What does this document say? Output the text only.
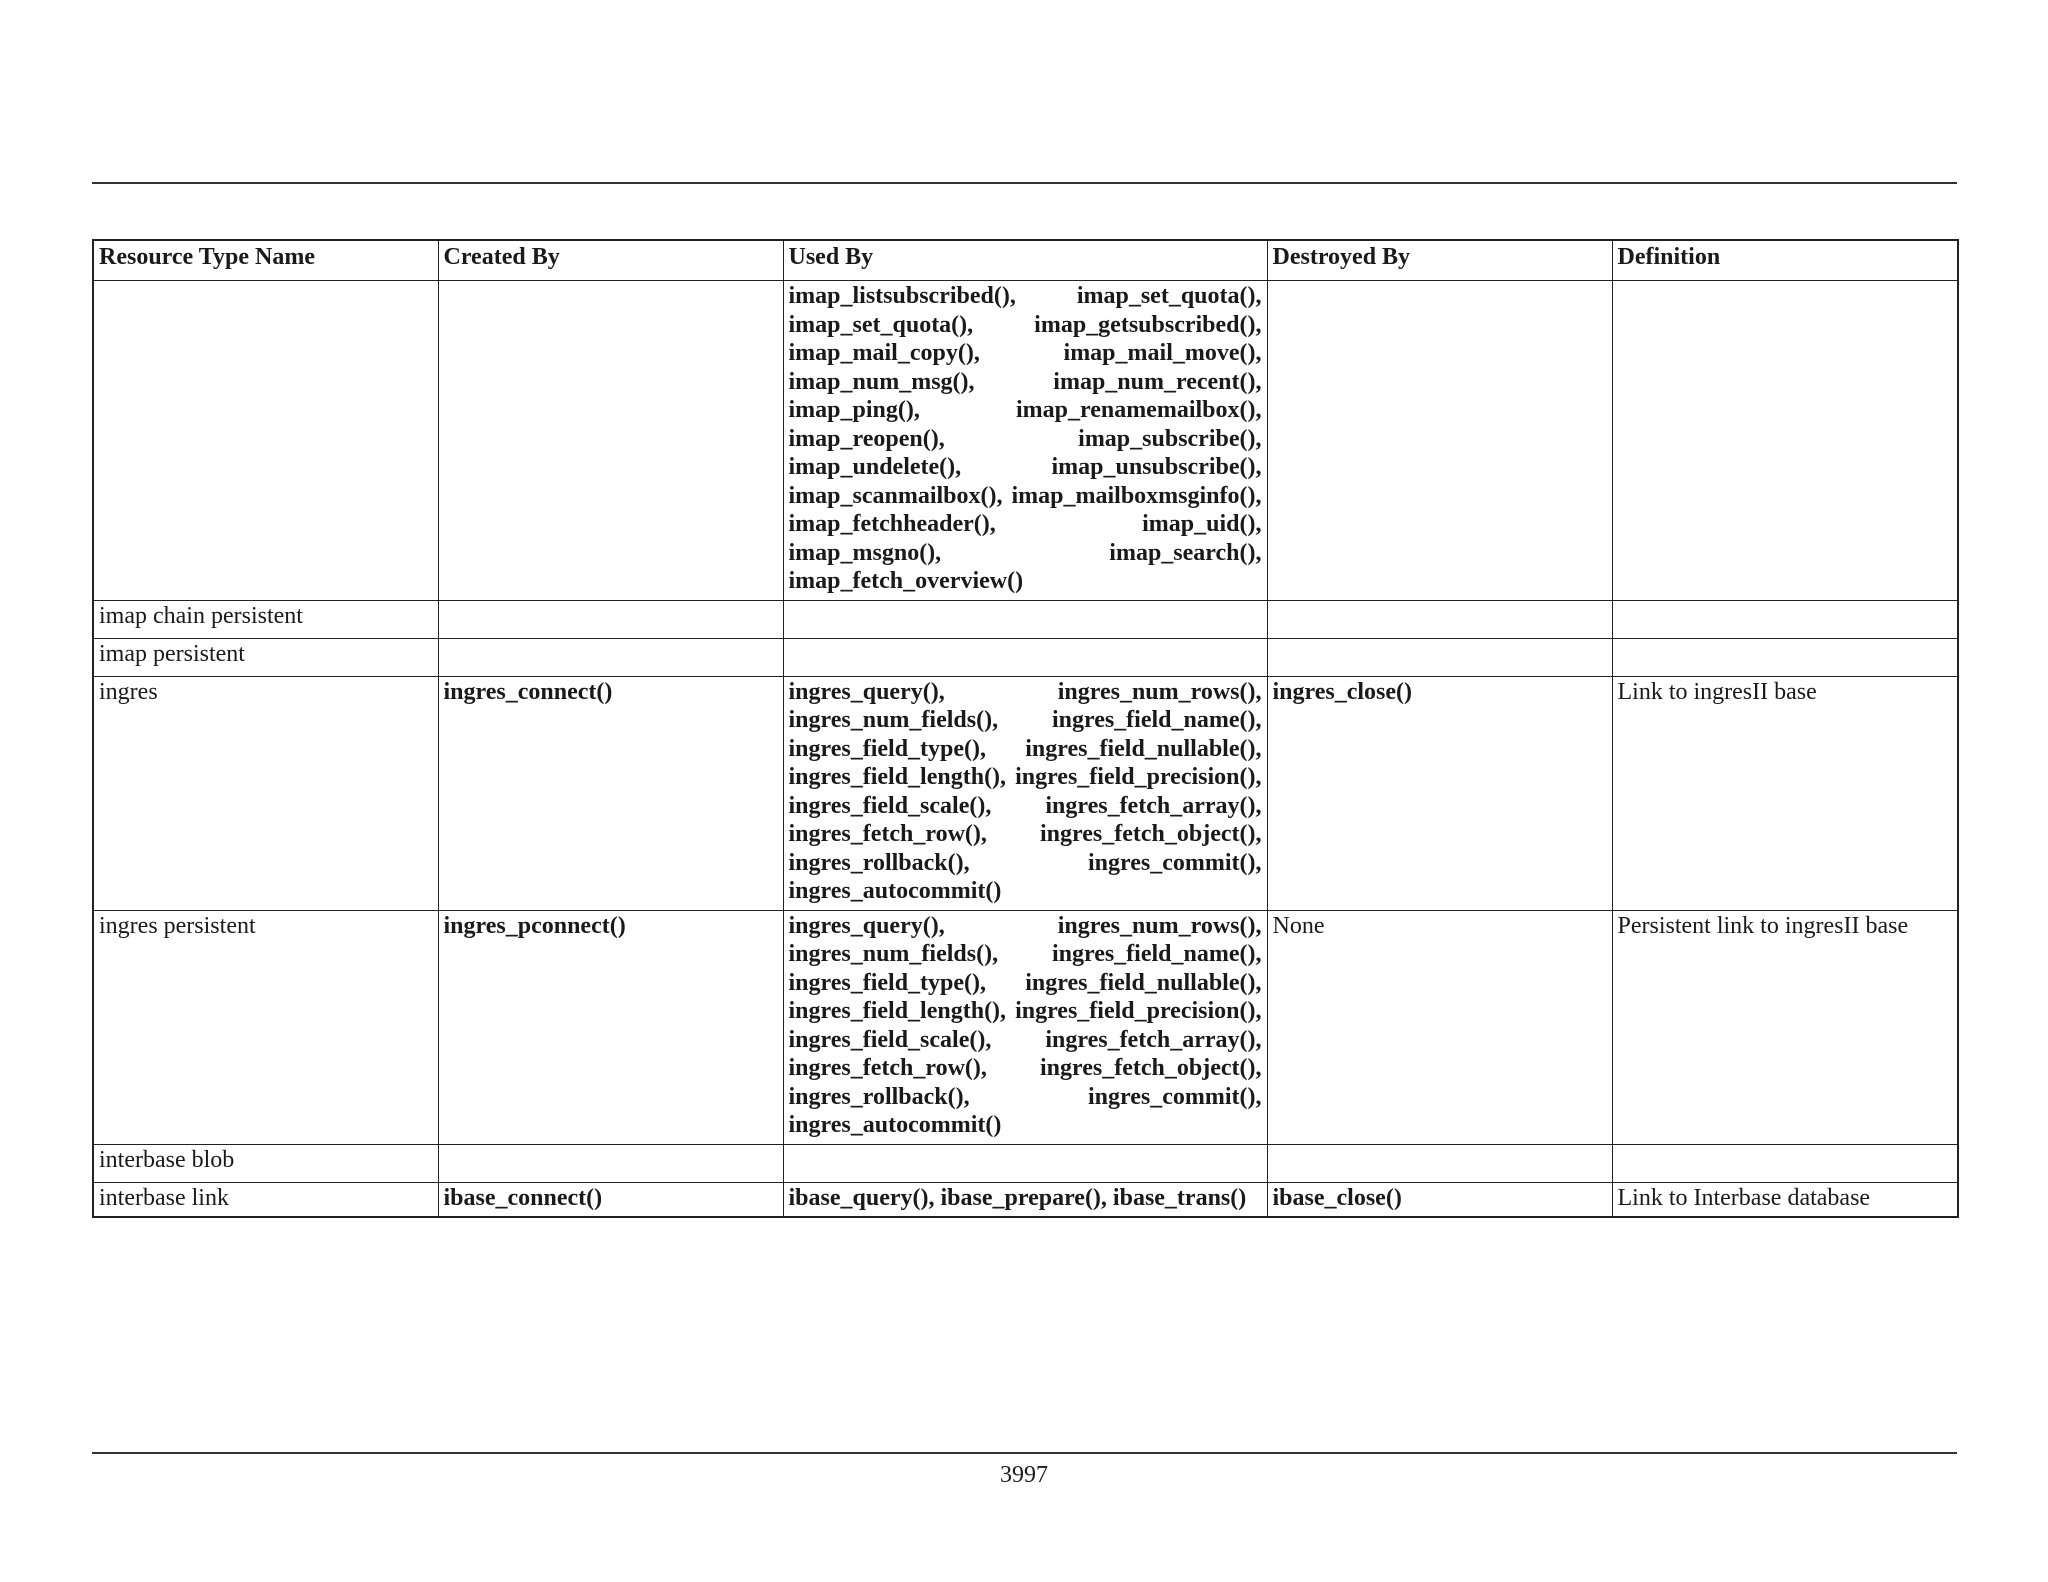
Resource Type Name	Created By	Used By	Destroyed By	Definition
		imap_listsubscribed(), imap_set_quota(), imap_set_quota(), imap_getsubscribed(), imap_mail_copy(), imap_mail_move(), imap_num_msg(), imap_num_recent(), imap_ping(), imap_renamemailbox(), imap_reopen(), imap_subscribe(), imap_undelete(), imap_unsubscribe(), imap_scanmailbox(), imap_mailboxmsginfo(), imap_fetchheader(), imap_uid(), imap_msgno(), imap_search(), imap_fetch_overview()		
imap chain persistent				
imap persistent				
ingres	ingres_connect()	ingres_query(), ingres_num_rows(), ingres_num_fields(), ingres_field_name(), ingres_field_type(), ingres_field_nullable(), ingres_field_length(), ingres_field_precision(), ingres_field_scale(), ingres_fetch_array(), ingres_fetch_row(), ingres_fetch_object(), ingres_rollback(), ingres_commit(), ingres_autocommit()	ingres_close()	Link to ingresII base
ingres persistent	ingres_pconnect()	ingres_query(), ingres_num_rows(), ingres_num_fields(), ingres_field_name(), ingres_field_type(), ingres_field_nullable(), ingres_field_length(), ingres_field_precision(), ingres_field_scale(), ingres_fetch_array(), ingres_fetch_row(), ingres_fetch_object(), ingres_rollback(), ingres_commit(), ingres_autocommit()	None	Persistent link to ingresII base
interbase blob				
interbase link	ibase_connect()	ibase_query(), ibase_prepare(), ibase_trans()	ibase_close()	Link to Interbase database
3997
